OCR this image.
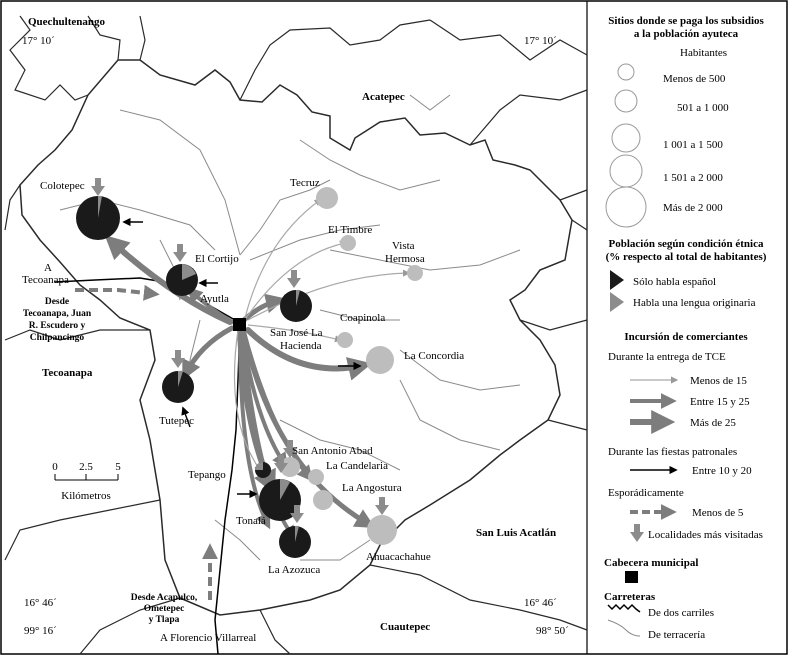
Quechultenango
17° 10´	17° 10´
Acatepec
Colotepec
El Cortijo
Ayutla
Tecruz
El Timbre
Vista
Hermosa
Coapinola
San José La
Hacienda
La Concordia
Tutepec
San Antonio Abad
La Candelaria
Tepango
La Angostura
Tonalá
Ahuacachahue
La Azozuca
A
Tecoanapa
Tecoanapa
San Luis Acatlán
Cuautepec
16° 46´	16° 46´
99° 16´	98° 50´
A Florencio Villarreal
Desde
Tecoanapa, Juan
R. Escudero y
Chilpancingo
Desde Acapulco,
Ometepec
y Tlapa
0 2.5 5
Kilómetros
Sitios donde se paga los subsidios
a la población ayuteca
Habitantes
Menos de 500
501 a 1 000
1 001 a 1 500
1 501 a 2 000
Más de 2 000
Población según condición étnica
(% respecto al total de habitantes)
Sólo habla español
Habla una lengua originaria
Incursión de comerciantes
Durante la entrega de TCE
Menos de 15
Entre 15 y 25
Más de 25
Durante las fiestas patronales
Entre 10 y 20
Esporádicamente
Menos de 5
Localidades más visitadas
Cabecera municipal
Carreteras
De dos carriles
De terracería
